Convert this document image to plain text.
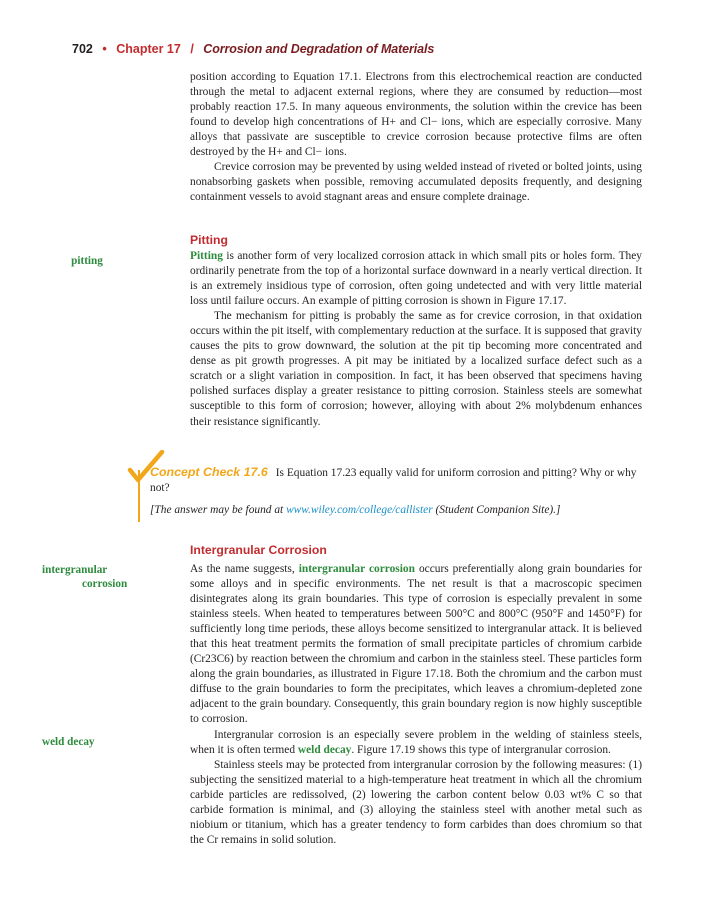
702 • Chapter 17 / Corrosion and Degradation of Materials

position according to Equation 17.1. Electrons from this electrochemical reaction are conducted through the metal to adjacent external regions, where they are consumed by reduction—most probably reaction 17.5. In many aqueous environments, the solution within the crevice has been found to develop high concentrations of H+ and Cl− ions, which are especially corrosive. Many alloys that passivate are susceptible to crevice corrosion because protective films are often destroyed by the H+ and Cl− ions.

Crevice corrosion may be prevented by using welded instead of riveted or bolted joints, using nonabsorbing gaskets when possible, removing accumulated deposits frequently, and designing containment vessels to avoid stagnant areas and ensure complete drainage.

Pitting
pitting	Pitting is another form of very localized corrosion attack in which small pits or holes form. They ordinarily penetrate from the top of a horizontal surface downward in a nearly vertical direction. It is an extremely insidious type of corrosion, often going undetected and with very little material loss until failure occurs. An example of pitting corrosion is shown in Figure 17.17.

The mechanism for pitting is probably the same as for crevice corrosion, in that oxidation occurs within the pit itself, with complementary reduction at the surface. It is supposed that gravity causes the pits to grow downward, the solution at the pit tip becoming more concentrated and dense as pit growth progresses. A pit may be initiated by a localized surface defect such as a scratch or a slight variation in composition. In fact, it has been observed that specimens having polished surfaces display a greater resistance to pitting corrosion. Stainless steels are somewhat susceptible to this form of corrosion; however, alloying with about 2% molybdenum enhances their resistance significantly.

Concept Check 17.6 Is Equation 17.23 equally valid for uniform corrosion and pitting? Why or why not?
[The answer may be found at www.wiley.com/college/callister (Student Companion Site).]
Intergranular Corrosion
intergranular
corrosion
weld decay

As the name suggests, intergranular corrosion occurs preferentially along grain boundaries for some alloys and in specific environments. The net result is that a macroscopic specimen disintegrates along its grain boundaries. This type of corrosion is especially prevalent in some stainless steels. When heated to temperatures between 500°C and 800°C (950°F and 1450°F) for sufficiently long time periods, these alloys become sensitized to intergranular attack. It is believed that this heat treatment permits the formation of small precipitate particles of chromium carbide (Cr23C6) by reaction between the chromium and carbon in the stainless steel. These particles form along the grain boundaries, as illustrated in Figure 17.18. Both the chromium and the carbon must diffuse to the grain boundaries to form the precipitates, which leaves a chromium-depleted zone adjacent to the grain boundary. Consequently, this grain boundary region is now highly susceptible to corrosion.

Intergranular corrosion is an especially severe problem in the welding of stainless steels, when it is often termed weld decay. Figure 17.19 shows this type of intergranular corrosion.

Stainless steels may be protected from intergranular corrosion by the following measures: (1) subjecting the sensitized material to a high-temperature heat treatment in which all the chromium carbide particles are redissolved, (2) lowering the carbon content below 0.03 wt% C so that carbide formation is minimal, and (3) alloying the stainless steel with another metal such as niobium or titanium, which has a greater tendency to form carbides than does chromium so that the Cr remains in solid solution.
